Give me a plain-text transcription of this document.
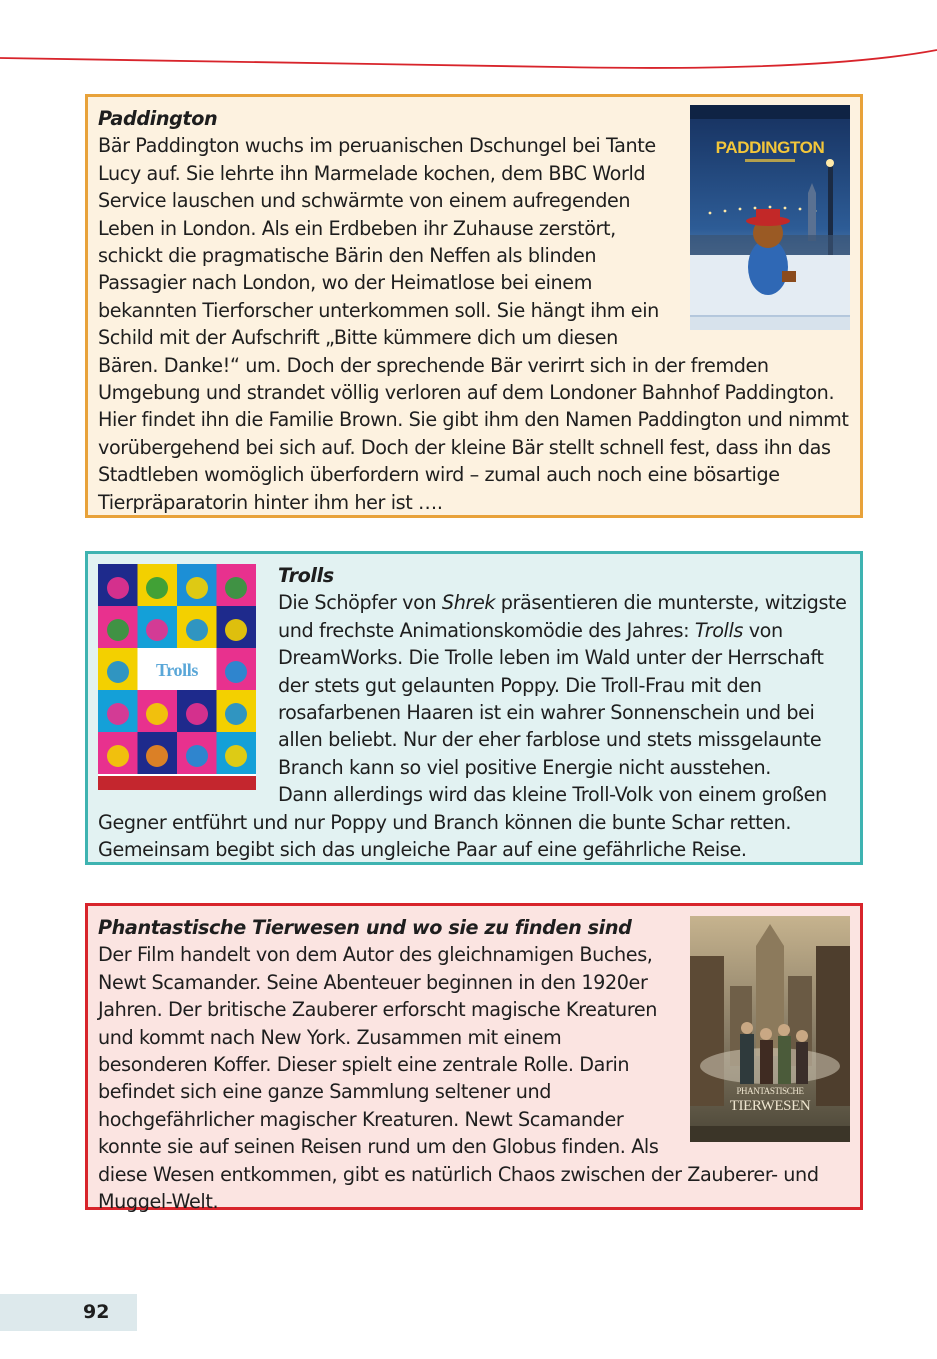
PADDINGTON

Paddington

Bär Paddington wuchs im peruanischen Dschungel bei Tante Lucy auf. Sie lehrte ihn Marmelade kochen, dem BBC World Service lauschen und schwärmte von einem aufregenden Leben in London. Als ein Erdbeben ihr Zuhause zerstört, schickt die pragmatische Bärin den Neffen als blinden Passagier nach London, wo der Heimatlose bei einem bekannten Tierforscher unterkommen soll. Sie hängt ihm ein Schild mit der Aufschrift „Bitte kümmere dich um diesen Bären. Danke!“ um. Doch der sprechende Bär verirrt sich in der fremden Umgebung und strandet völlig verloren auf dem Londoner Bahnhof Paddington. Hier findet ihn die Familie Brown. Sie gibt ihm den Namen Paddington und nimmt vorübergehend bei sich auf. Doch der kleine Bär stellt schnell fest, dass ihn das Stadtleben womöglich überfordern wird – zumal auch noch eine bösartige Tierpräparatorin hinter ihm her ist ….

Trolls

Trolls

Die Schöpfer von Shrek präsentieren die munterste, witzigste und frechste Animationskomödie des Jahres: Trolls von DreamWorks. Die Trolle leben im Wald unter der Herrschaft der stets gut gelaunten Poppy. Die Troll-Frau mit den rosafarbenen Haaren ist ein wahrer Sonnenschein und bei allen beliebt. Nur der eher farblose und stets missgelaunte Branch kann so viel positive Energie nicht ausstehen.

Dann allerdings wird das kleine Troll-Volk von einem großen Gegner entführt und nur Poppy und Branch können die bunte Schar retten. Gemeinsam begibt sich das ungleiche Paar auf eine gefährliche Reise.

PHANTASTISCHE
TIERWESEN

Phantastische Tierwesen und wo sie zu finden sind

Der Film handelt von dem Autor des gleichnamigen Buches, Newt Scamander. Seine Abenteuer beginnen in den 1920er Jahren. Der britische Zauberer erforscht magische Kreaturen und kommt nach New York. Zusammen mit einem besonderen Koffer. Dieser spielt eine zentrale Rolle. Darin befindet sich eine ganze Sammlung seltener und hochgefährlicher magischer Kreaturen. Newt Scamander konnte sie auf seinen Reisen rund um den Globus finden. Als diese Wesen entkommen, gibt es natürlich Chaos zwischen der Zauberer- und Muggel-Welt.

92
